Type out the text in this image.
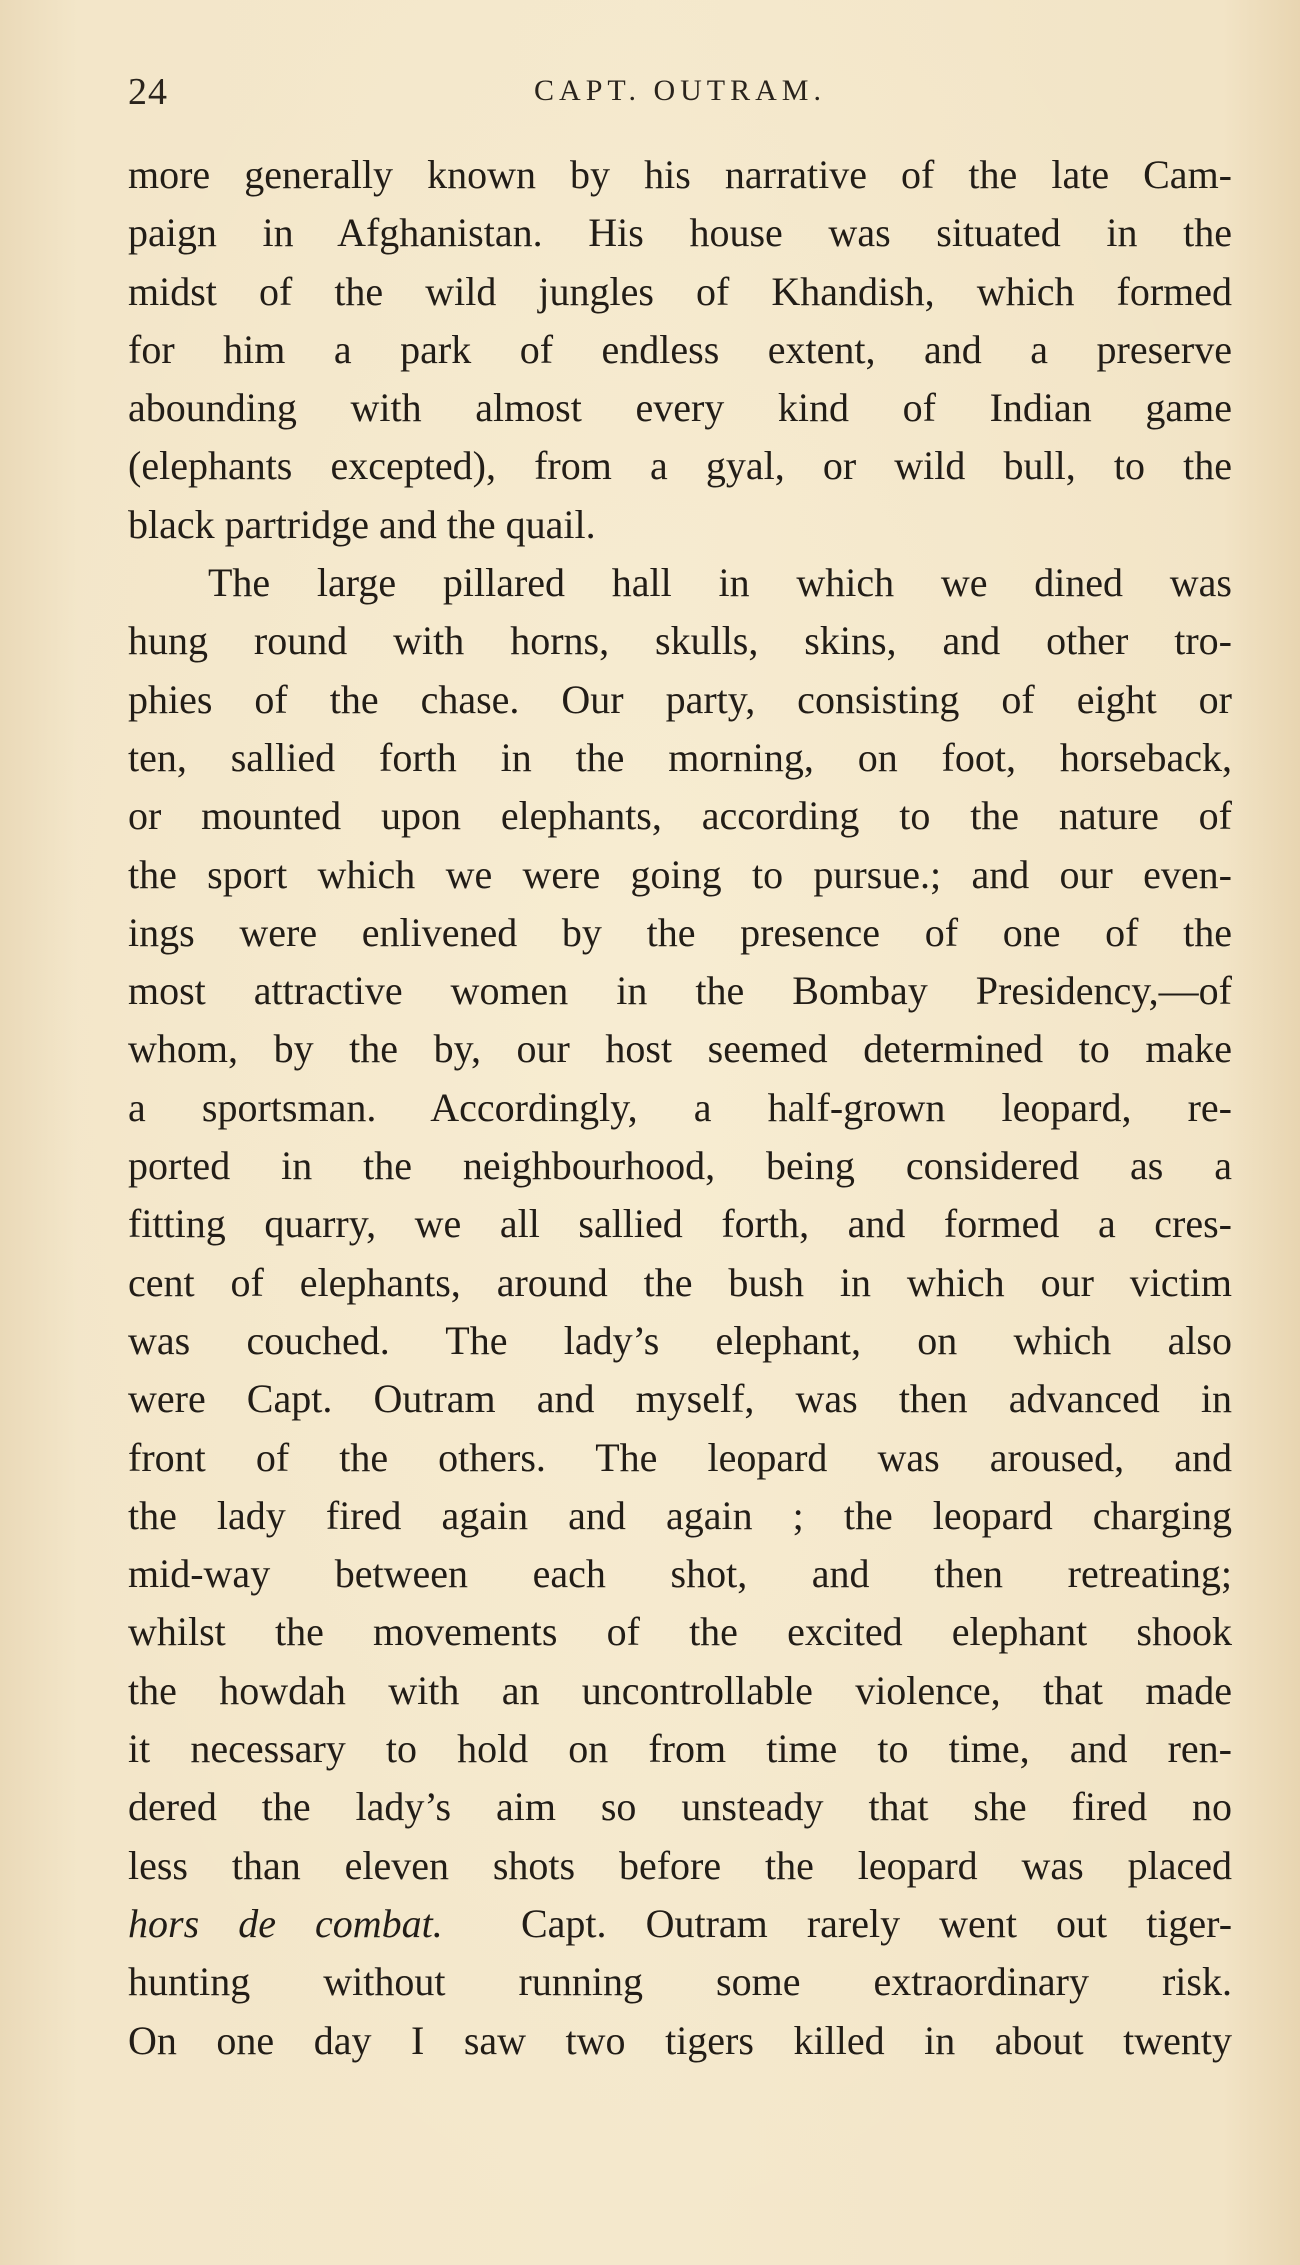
24	CAPT. OUTRAM.
more generally known by his narrative of the late Cam-
paign in Afghanistan. His house was situated in the
midst of the wild jungles of Khandish, which formed
for him a park of endless extent, and a preserve
abounding with almost every kind of Indian game
(elephants excepted), from a gyal, or wild bull, to the
black partridge and the quail.
The large pillared hall in which we dined was
hung round with horns, skulls, skins, and other tro-
phies of the chase. Our party, consisting of eight or
ten, sallied forth in the morning, on foot, horseback,
or mounted upon elephants, according to the nature of
the sport which we were going to pursue.; and our even-
ings were enlivened by the presence of one of the
most attractive women in the Bombay Presidency,—of
whom, by the by, our host seemed determined to make
a sportsman. Accordingly, a half-grown leopard, re-
ported in the neighbourhood, being considered as a
fitting quarry, we all sallied forth, and formed a cres-
cent of elephants, around the bush in which our victim
was couched. The lady’s elephant, on which also
were Capt. Outram and myself, was then advanced in
front of the others. The leopard was aroused, and
the lady fired again and again ; the leopard charging
mid-way between each shot, and then retreating;
whilst the movements of the excited elephant shook
the howdah with an uncontrollable violence, that made
it necessary to hold on from time to time, and ren-
dered the lady’s aim so unsteady that she fired no
less than eleven shots before the leopard was placed
hors de combat. Capt. Outram rarely went out tiger-
hunting without running some extraordinary risk.
On one day I saw two tigers killed in about twenty
